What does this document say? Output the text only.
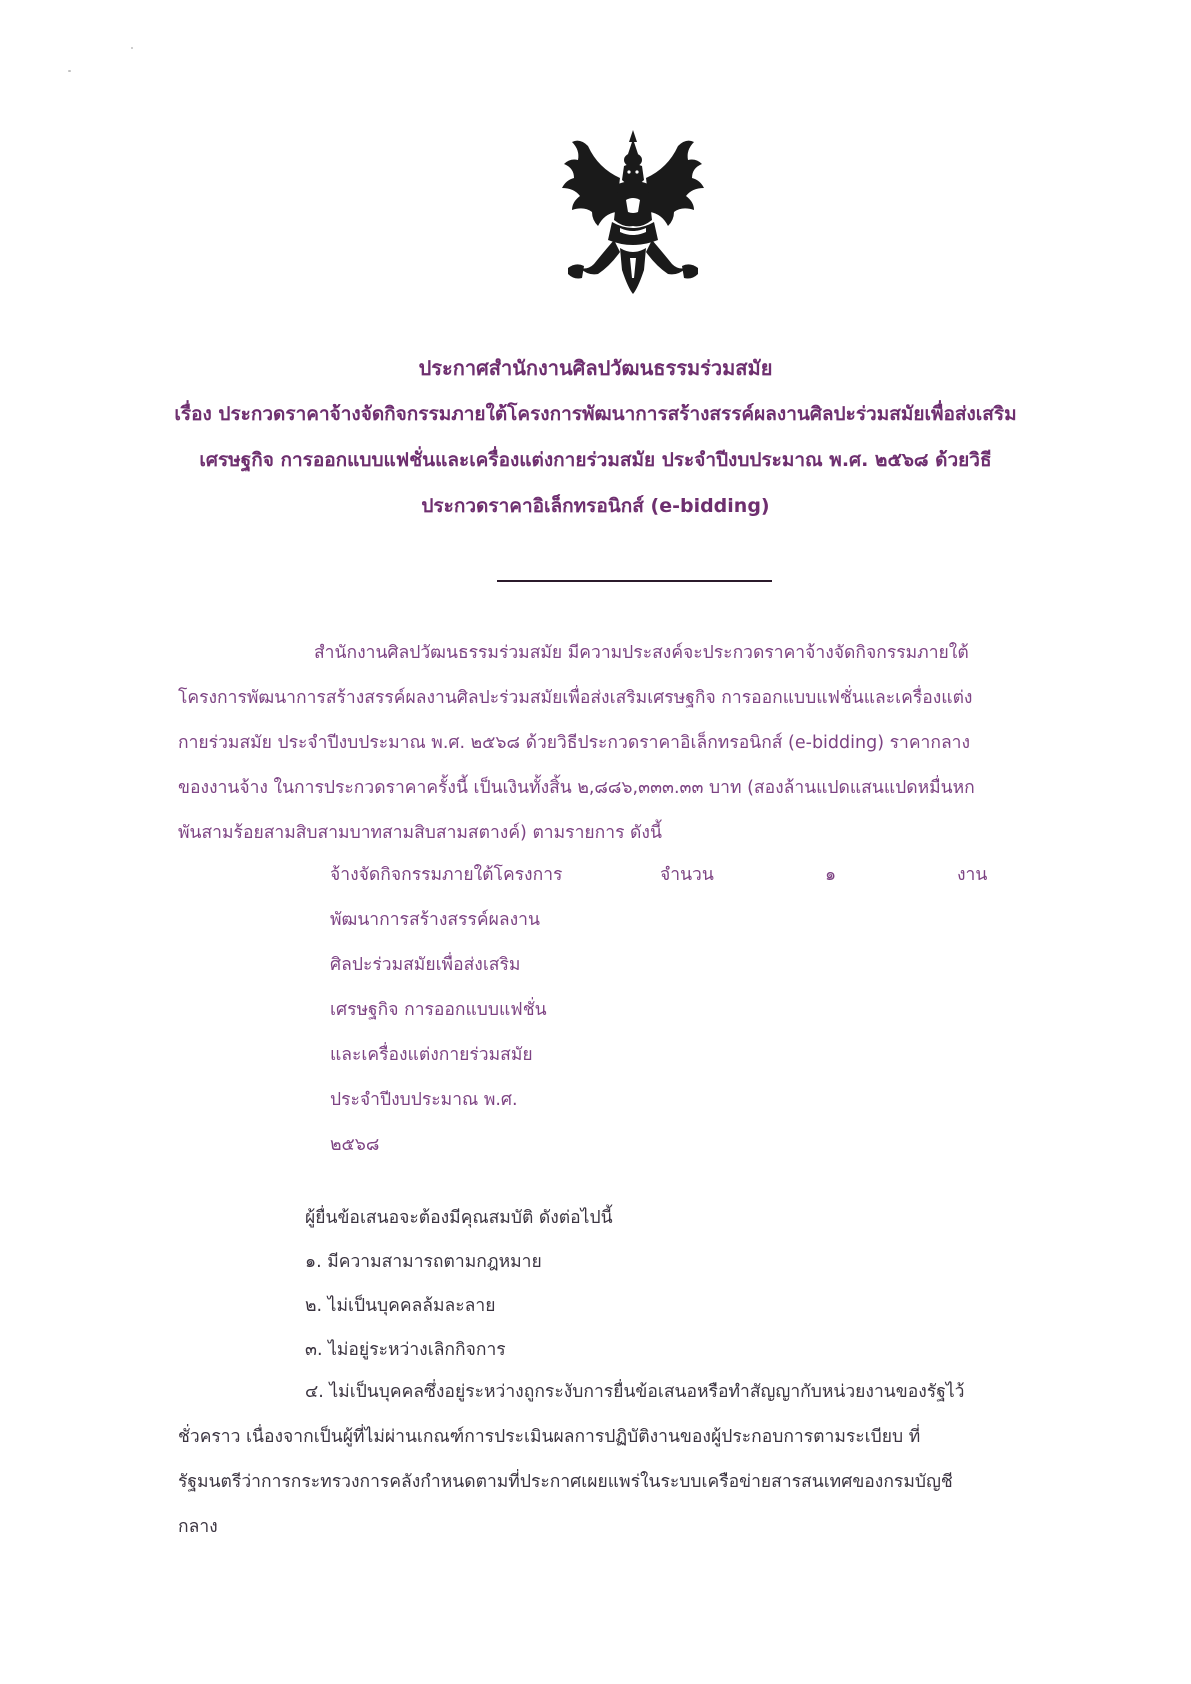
ประกาศสำนักงานศิลปวัฒนธรรมร่วมสมัย
เรื่อง ประกวดราคาจ้างจัดกิจกรรมภายใต้โครงการพัฒนาการสร้างสรรค์ผลงานศิลปะร่วมสมัยเพื่อส่งเสริม
เศรษฐกิจ การออกแบบแฟชั่นและเครื่องแต่งกายร่วมสมัย ประจำปีงบประมาณ พ.ศ. ๒๕๖๘ ด้วยวิธี
ประกวดราคาอิเล็กทรอนิกส์ (e-bidding)
สำนักงานศิลปวัฒนธรรมร่วมสมัย มีความประสงค์จะประกวดราคาจ้างจัดกิจกรรมภายใต้
โครงการพัฒนาการสร้างสรรค์ผลงานศิลปะร่วมสมัยเพื่อส่งเสริมเศรษฐกิจ การออกแบบแฟชั่นและเครื่องแต่ง
กายร่วมสมัย ประจำปีงบประมาณ พ.ศ. ๒๕๖๘ ด้วยวิธีประกวดราคาอิเล็กทรอนิกส์ (e-bidding) ราคากลาง
ของงานจ้าง ในการประกวดราคาครั้งนี้ เป็นเงินทั้งสิ้น ๒,๘๘๖,๓๓๓.๓๓ บาท (สองล้านแปดแสนแปดหมื่นหก
พันสามร้อยสามสิบสามบาทสามสิบสามสตางค์) ตามรายการ ดังนี้
จ้างจัดกิจกรรมภายใต้โครงการ	จำนวน	๑	งาน
พัฒนาการสร้างสรรค์ผลงาน
ศิลปะร่วมสมัยเพื่อส่งเสริม
เศรษฐกิจ การออกแบบแฟชั่น
และเครื่องแต่งกายร่วมสมัย
ประจำปีงบประมาณ พ.ศ.
๒๕๖๘
ผู้ยื่นข้อเสนอจะต้องมีคุณสมบัติ ดังต่อไปนี้
๑. มีความสามารถตามกฎหมาย
๒. ไม่เป็นบุคคลล้มละลาย
๓. ไม่อยู่ระหว่างเลิกกิจการ
๔. ไม่เป็นบุคคลซึ่งอยู่ระหว่างถูกระงับการยื่นข้อเสนอหรือทำสัญญากับหน่วยงานของรัฐไว้
ชั่วคราว เนื่องจากเป็นผู้ที่ไม่ผ่านเกณฑ์การประเมินผลการปฏิบัติงานของผู้ประกอบการตามระเบียบ ที่
รัฐมนตรีว่าการกระทรวงการคลังกำหนดตามที่ประกาศเผยแพร่ในระบบเครือข่ายสารสนเทศของกรมบัญชี
กลาง
